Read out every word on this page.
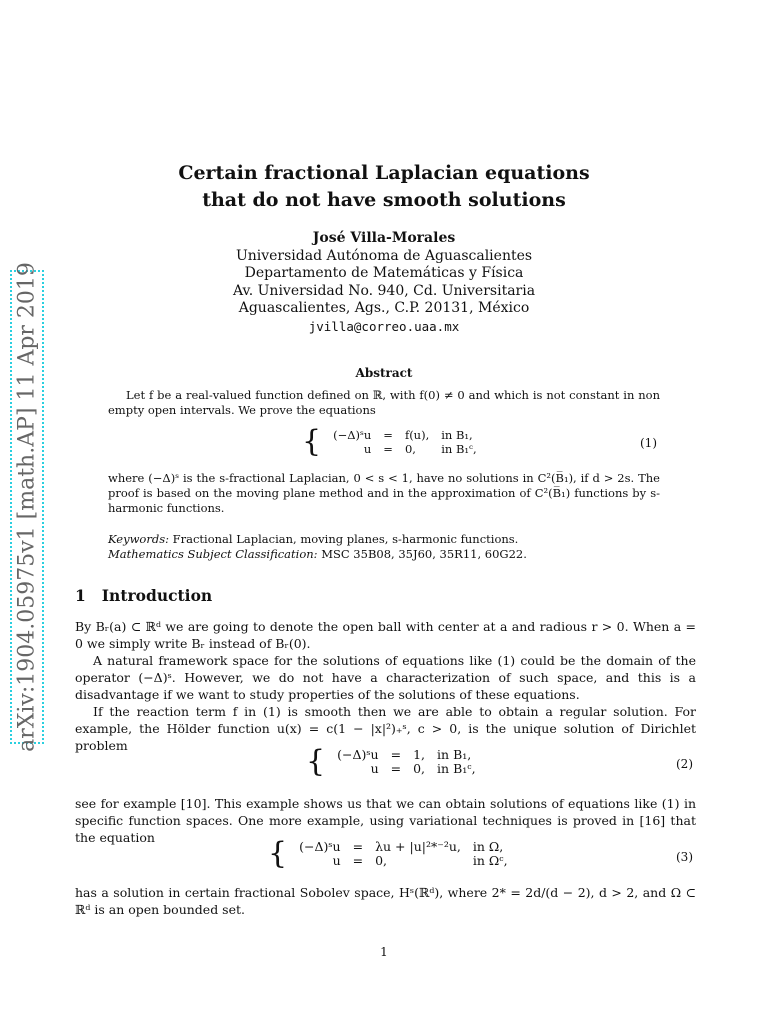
arXiv:1904.05975v1 [math.AP] 11 Apr 2019
Certain fractional Laplacian equations
that do not have smooth solutions
José Villa-Morales
Universidad Autónoma de Aguascalientes
Departamento de Matemáticas y Física
Av. Universidad No. 940, Cd. Universitaria
Aguascalientes, Ags., C.P. 20131, México
jvilla@correo.uaa.mx
Abstract
Let f be a real-valued function defined on ℝ, with f(0) ≠ 0 and which is not constant in non empty open intervals. We prove the equations
{	(−Δ)ˢu	=	f(u),	in B₁,
	u	=	0,	in B₁ᶜ,	(1)
where (−Δ)ˢ is the s-fractional Laplacian, 0 < s < 1, have no solutions in C²(B̅₁), if d > 2s. The proof is based on the moving plane method and in the approximation of C²(B̅₁) functions by s-harmonic functions.
Keywords: Fractional Laplacian, moving planes, s-harmonic functions.
Mathematics Subject Classification: MSC 35B08, 35J60, 35R11, 60G22.
1 Introduction
By Bᵣ(a) ⊂ ℝᵈ we are going to denote the open ball with center at a and radious r > 0. When a = 0 we simply write Bᵣ instead of Bᵣ(0).
A natural framework space for the solutions of equations like (1) could be the domain of the operator (−Δ)ˢ. However, we do not have a characterization of such space, and this is a disadvantage if we want to study properties of the solutions of these equations.
If the reaction term f in (1) is smooth then we are able to obtain a regular solution. For example, the Hölder function u(x) = c(1 − |x|²)₊ˢ, c > 0, is the unique solution of Dirichlet problem	{	(−Δ)ˢu	=	1,	in B₁,
	u	=	0,	in B₁ᶜ,	(2)
see for example [10]. This example shows us that we can obtain solutions of equations like (1) in specific function spaces. One more example, using variational techniques is proved in [16] that the equation	{	(−Δ)ˢu	=	λu + |u|²*⁻²u,	in Ω,
	u	=	0,	in Ωᶜ,	(3)
has a solution in certain fractional Sobolev space, Hˢ(ℝᵈ), where 2* = 2d/(d − 2), d > 2, and Ω ⊂ ℝᵈ is an open bounded set.
1
